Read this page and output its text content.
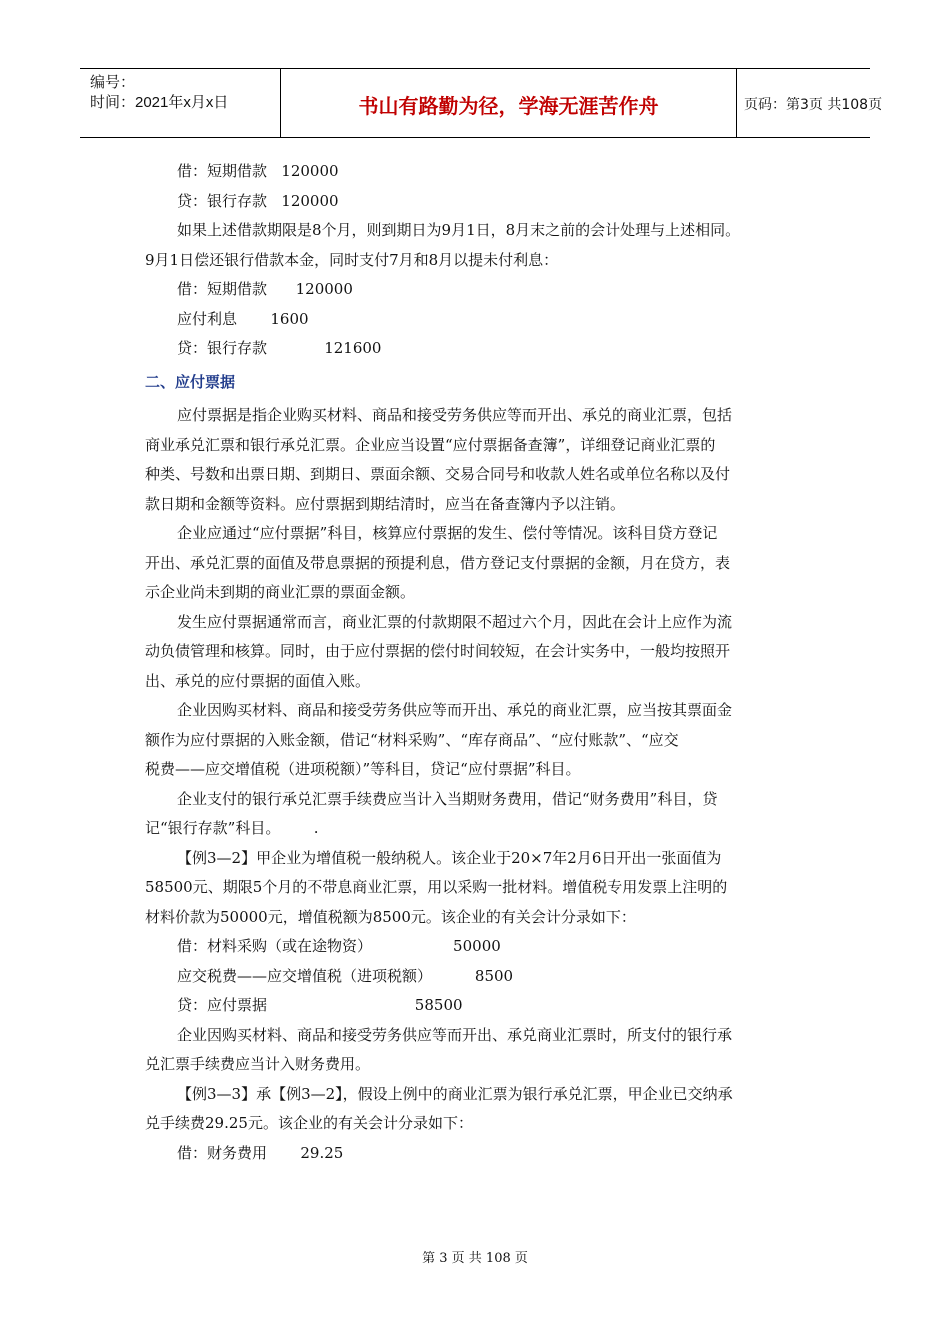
编号：
时间：2021年x月x日	书山有路勤为径，学海无涯苦作舟	页码：第3页 共108页
借：短期借款   120000
贷：银行存款   120000
如果上述借款期限是8个月，则到期日为9月1日，8月末之前的会计处理与上述相同。
9月1日偿还银行借款本金，同时支付7月和8月以提未付利息：
借：短期借款      120000
应付利息       1600
贷：银行存款            121600
二、应付票据
应付票据是指企业购买材料、商品和接受劳务供应等而开出、承兑的商业汇票，包括
商业承兑汇票和银行承兑汇票。企业应当设置“应付票据备查簿”，详细登记商业汇票的
种类、号数和出票日期、到期日、票面余额、交易合同号和收款人姓名或单位名称以及付
款日期和金额等资料。应付票据到期结清时，应当在备查簿内予以注销。
企业应通过“应付票据”科目，核算应付票据的发生、偿付等情况。该科目贷方登记
开出、承兑汇票的面值及带息票据的预提利息，借方登记支付票据的金额，月在贷方，表
示企业尚未到期的商业汇票的票面金额。
发生应付票据通常而言，商业汇票的付款期限不超过六个月，因此在会计上应作为流
动负债管理和核算。同时，由于应付票据的偿付时间较短，在会计实务中，一般均按照开
出、承兑的应付票据的面值入账。
企业因购买材料、商品和接受劳务供应等而开出、承兑的商业汇票，应当按其票面金
额作为应付票据的入账金额，借记“材料采购”、“库存商品”、“应付账款”、“应交
税费——应交增值税（进项税额）”等科目，贷记“应付票据”科目。
企业支付的银行承兑汇票手续费应当计入当期财务费用，借记“财务费用”科目，贷
记“银行存款”科目。       .
【例3—2】甲企业为增值税一般纳税人。该企业于20×7年2月6日开出一张面值为
58500元、期限5个月的不带息商业汇票，用以采购一批材料。增值税专用发票上注明的
材料价款为50000元，增值税额为8500元。该企业的有关会计分录如下：
借：材料采购（或在途物资）                 50000
应交税费——应交增值税（进项税额）         8500
贷：应付票据                               58500
企业因购买材料、商品和接受劳务供应等而开出、承兑商业汇票时，所支付的银行承
兑汇票手续费应当计入财务费用。
【例3—3】承【例3—2】，假设上例中的商业汇票为银行承兑汇票，甲企业已交纳承
兑手续费29.25元。该企业的有关会计分录如下：
借：财务费用       29.25
第 3 页 共 108 页
